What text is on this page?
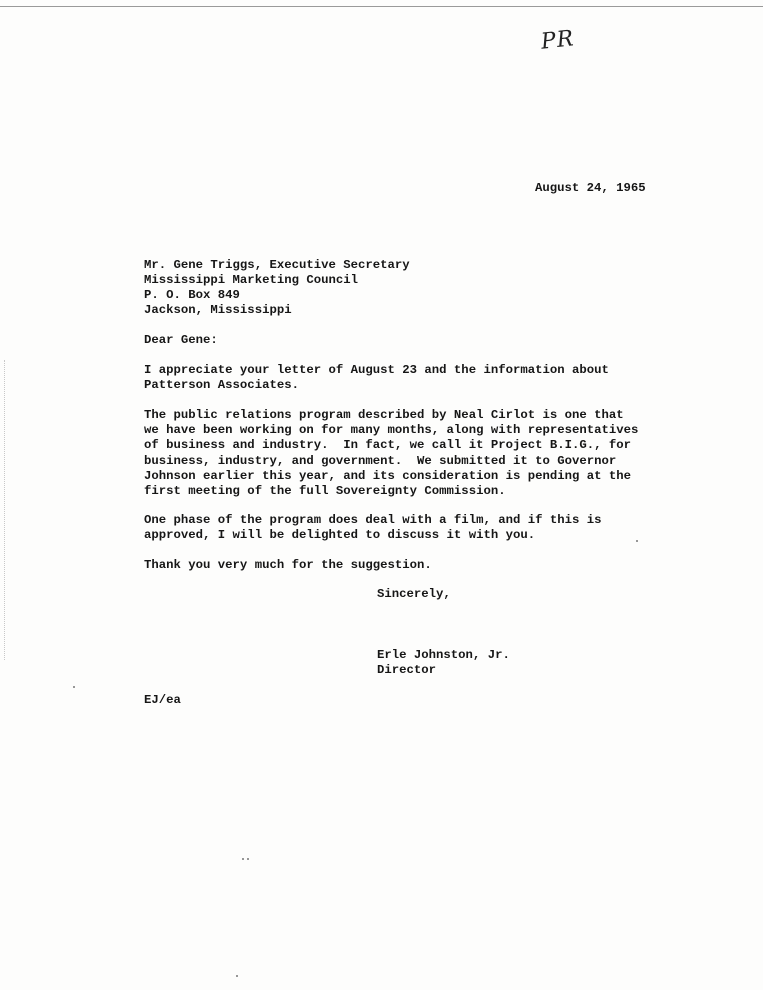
PR
August 24, 1965
Mr. Gene Triggs, Executive Secretary
Mississippi Marketing Council
P. O. Box 849
Jackson, Mississippi
Dear Gene:
I appreciate your letter of August 23 and the information about
Patterson Associates.
The public relations program described by Neal Cirlot is one that
we have been working on for many months, along with representatives
of business and industry.  In fact, we call it Project B.I.G., for
business, industry, and government.  We submitted it to Governor
Johnson earlier this year, and its consideration is pending at the
first meeting of the full Sovereignty Commission.
One phase of the program does deal with a film, and if this is
approved, I will be delighted to discuss it with you.
Thank you very much for the suggestion.
Sincerely,
Erle Johnston, Jr.
Director
EJ/ea
